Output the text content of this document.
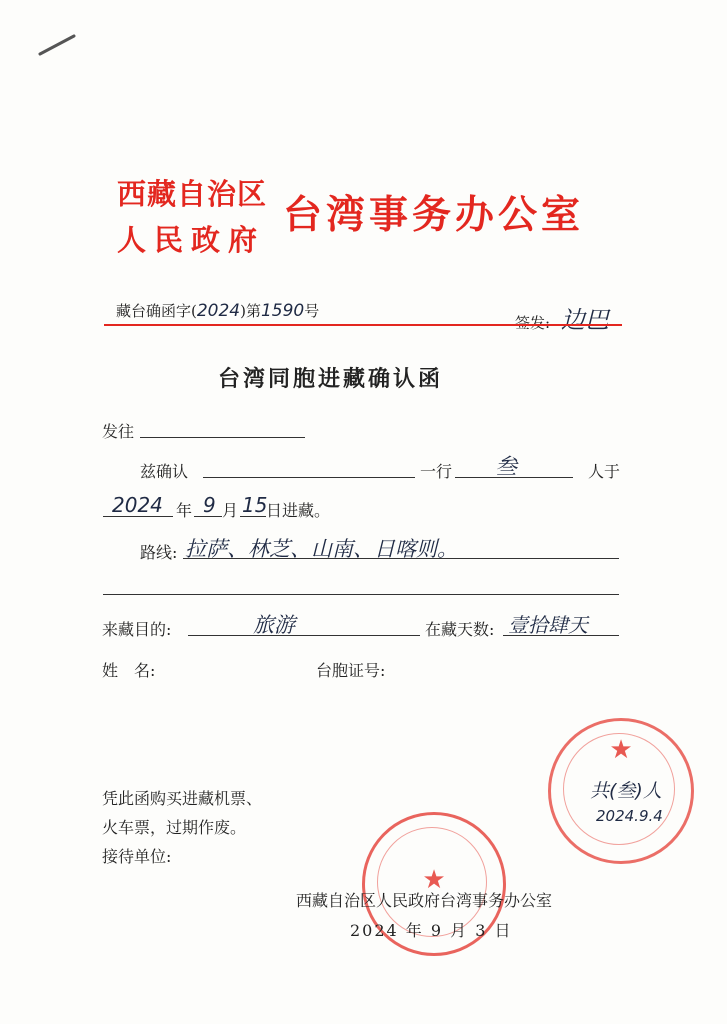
西藏自治区
人民政府
台湾事务办公室
藏台确函字(2024)第1590号
签发: 边巴
台湾同胞进藏确认函
发往
兹确认	一行 叁	人于
2024 年 9 月 15
日进藏。
路线: 拉萨、林芝、山南、日喀则。
来藏目的:	旅游	在藏天数: 壹拾肆天
姓　名:	台胞证号:
凭此函购买进藏机票、
火车票，过期作废。
接待单位:
★
共(叁)人
2024.9.4
★
西藏自治区人民政府台湾事务办公室
2024 年 9 月 3 日
